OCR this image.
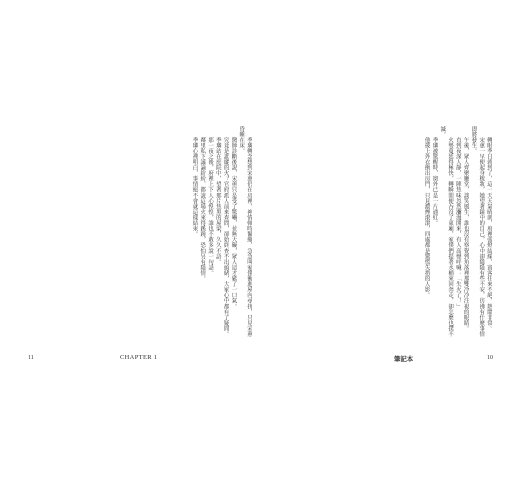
季璘轉念想到宋蕙仍在房裡，神情頓時緊繃，急急叫家僕衝進屋內尋找，只見宋蕙昏睡在床。

醫師診斷後說，宋蕙只是受了驚嚇，並無大礙，眾人這才鬆了一口氣。

究竟是誰縱的火？官府派人前來查問，卻始終查不出頭緒，大家心中都有了疑問。

季璘站在庭院中，望著那片焦黑的屋梁，久久不語。

那一夜之後，府裡上下人心惶惶，誰也不敢多說一句話。

鄰里私下議論紛紛，都說這場火來得蹊蹺，恐怕另有隱情。

季璘心裡明白，事情絕不會就這樣結束。

11	CHAPTER 1

轉眼季日就到了，這一天天氣晴朗，府裡張燈結綵，賓客往來不絕，熱鬧非常。

宋蕙一早便起身梳妝，她望著鏡中的自己，心中卻隱隱有些不安，彷彿有什麼事情即將發生。

午後，眾人齊聚廳堂，談笑風生，誰也沒有察覺到角落裡那雙冷冷注視的眼睛。

直到夜深人靜，一陣焦味忽然瀰漫開來，有人高聲呼喊：「失火了！」

火勢蔓延得極快，轉瞬間便吞沒了東廂，家僕們提著水桶來回奔走，卻怎麼也撲不滅。

季璘被驚醒時，窗外已是一片通紅。

他披上外衣衝出房門，只見濃煙滾滾，四處都是驚慌失措的人影。

筆記本	10
